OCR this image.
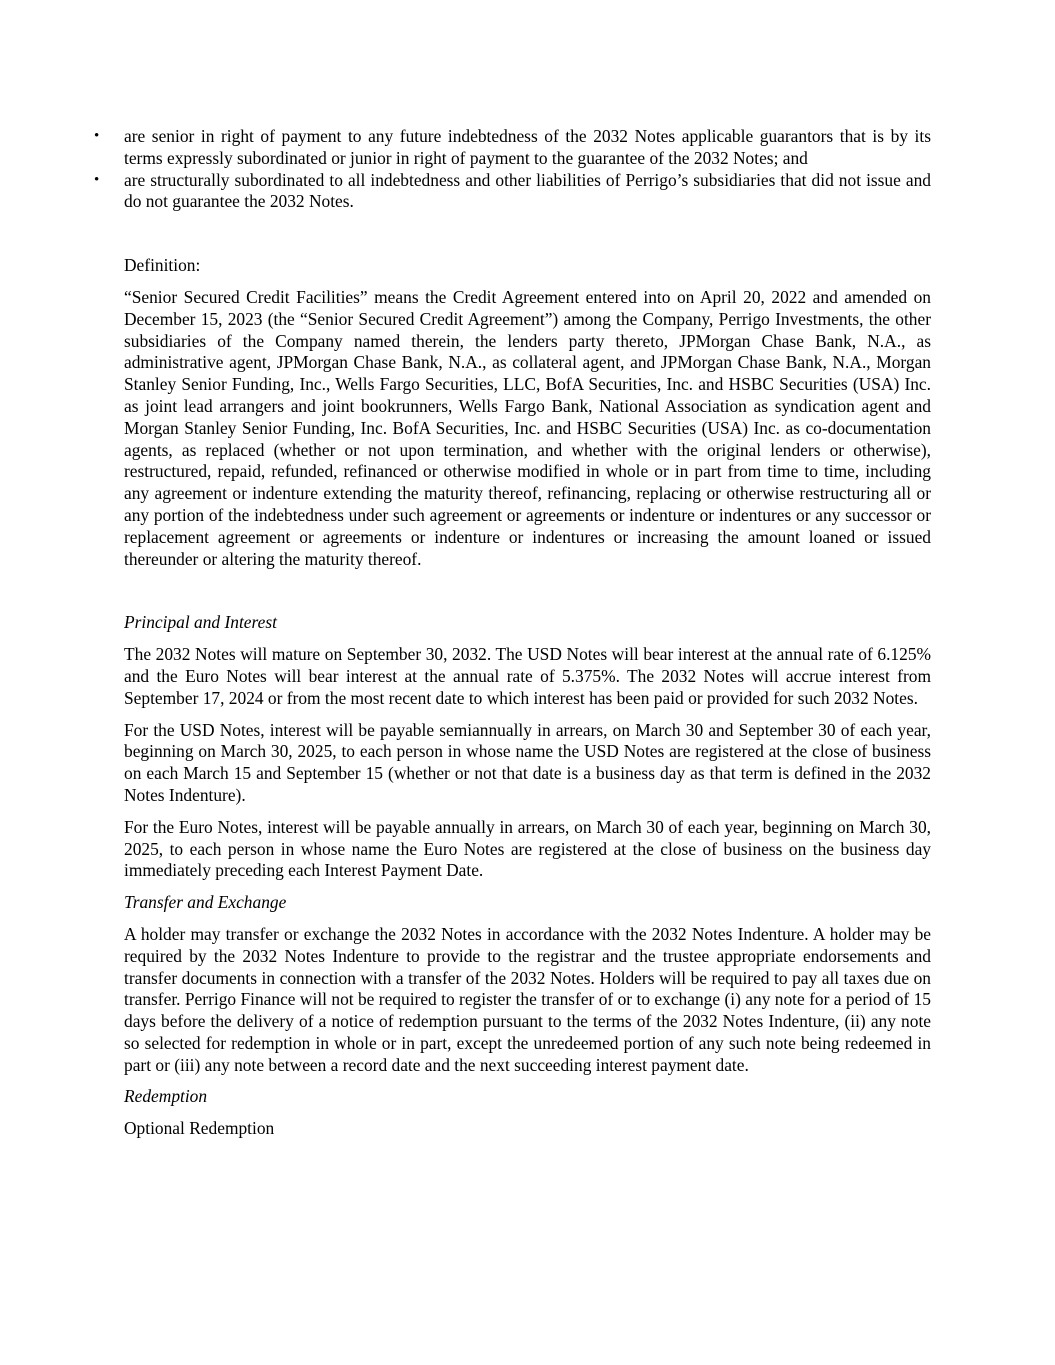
• are senior in right of payment to any future indebtedness of the 2032 Notes applicable guarantors that is by its terms expressly subordinated or junior in right of payment to the guarantee of the 2032 Notes; and
• are structurally subordinated to all indebtedness and other liabilities of Perrigo’s subsidiaries that did not issue and do not guarantee the 2032 Notes.

Definition:

“Senior Secured Credit Facilities” means the Credit Agreement entered into on April 20, 2022 and amended on December 15, 2023 (the “Senior Secured Credit Agreement”) among the Company, Perrigo Investments, the other subsidiaries of the Company named therein, the lenders party thereto, JPMorgan Chase Bank, N.A., as administrative agent, JPMorgan Chase Bank, N.A., as collateral agent, and JPMorgan Chase Bank, N.A., Morgan Stanley Senior Funding, Inc., Wells Fargo Securities, LLC, BofA Securities, Inc. and HSBC Securities (USA) Inc. as joint lead arrangers and joint bookrunners, Wells Fargo Bank, National Association as syndication agent and Morgan Stanley Senior Funding, Inc. BofA Securities, Inc. and HSBC Securities (USA) Inc. as co-documentation agents, as replaced (whether or not upon termination, and whether with the original lenders or otherwise), restructured, repaid, refunded, refinanced or otherwise modified in whole or in part from time to time, including any agreement or indenture extending the maturity thereof, refinancing, replacing or otherwise restructuring all or any portion of the indebtedness under such agreement or agreements or indenture or indentures or any successor or replacement agreement or agreements or indenture or indentures or increasing the amount loaned or issued thereunder or altering the maturity thereof.

Principal and Interest

The 2032 Notes will mature on September 30, 2032. The USD Notes will bear interest at the annual rate of 6.125% and the Euro Notes will bear interest at the annual rate of 5.375%. The 2032 Notes will accrue interest from September 17, 2024 or from the most recent date to which interest has been paid or provided for such 2032 Notes.

For the USD Notes, interest will be payable semiannually in arrears, on March 30 and September 30 of each year, beginning on March 30, 2025, to each person in whose name the USD Notes are registered at the close of business on each March 15 and September 15 (whether or not that date is a business day as that term is defined in the 2032 Notes Indenture).

For the Euro Notes, interest will be payable annually in arrears, on March 30 of each year, beginning on March 30, 2025, to each person in whose name the Euro Notes are registered at the close of business on the business day immediately preceding each Interest Payment Date.

Transfer and Exchange

A holder may transfer or exchange the 2032 Notes in accordance with the 2032 Notes Indenture. A holder may be required by the 2032 Notes Indenture to provide to the registrar and the trustee appropriate endorsements and transfer documents in connection with a transfer of the 2032 Notes. Holders will be required to pay all taxes due on transfer. Perrigo Finance will not be required to register the transfer of or to exchange (i) any note for a period of 15 days before the delivery of a notice of redemption pursuant to the terms of the 2032 Notes Indenture, (ii) any note so selected for redemption in whole or in part, except the unredeemed portion of any such note being redeemed in part or (iii) any note between a record date and the next succeeding interest payment date.

Redemption

Optional Redemption
